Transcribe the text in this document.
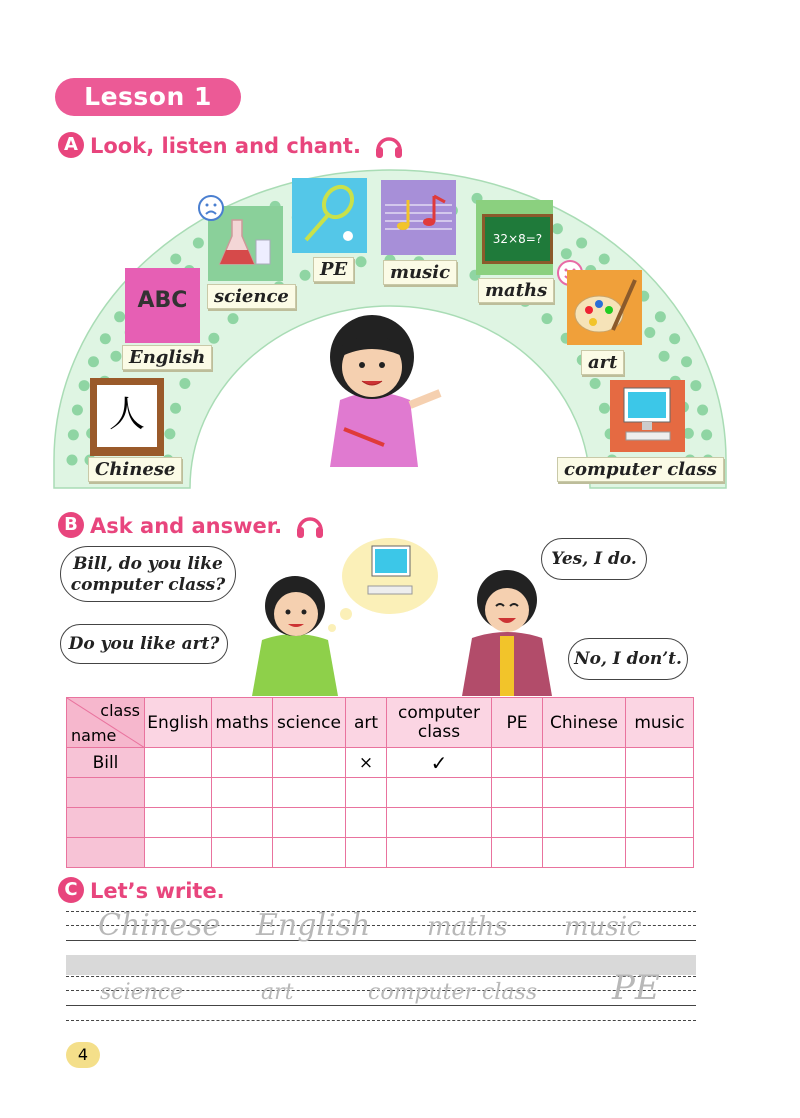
Lesson 1
A Look, listen and chant.
人
Chinese
ABC
English
science
PE	music
32×8=?
maths
art
computer class
B Ask and answer.
Bill, do you like computer class?
Do you like art?
Yes, I do.
No, I don’t.
class
name	English	maths	science	art	computer class	PE	Chinese	music
Bill				×	✓			

C Let’s write.
Chinese English maths music
science	art	computer class PE
4
